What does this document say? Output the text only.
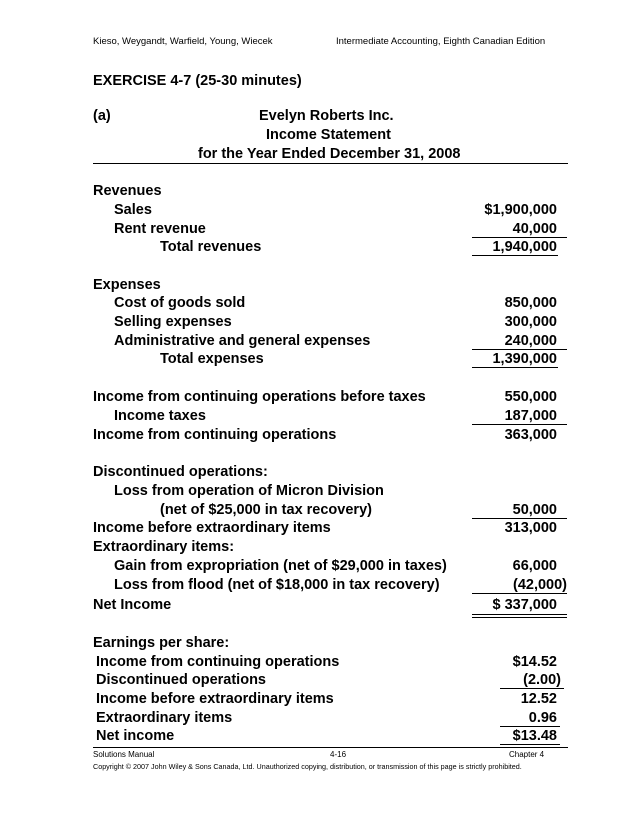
Kieso, Weygandt, Warfield, Young, Wiecek	Intermediate Accounting, Eighth Canadian Edition
EXERCISE 4-7 (25-30 minutes)
(a)	Evelyn Roberts Inc.
Income Statement
for the Year Ended December 31, 2008
Revenues
Sales	$1,900,000
Rent revenue	40,000
Total revenues	1,940,000
Expenses
Cost of goods sold	850,000
Selling expenses	300,000
Administrative and general expenses	240,000
Total expenses	1,390,000
Income from continuing operations before taxes	550,000
Income taxes	187,000
Income from continuing operations	363,000
Discontinued operations:
Loss from operation of Micron Division
(net of $25,000 in tax recovery)	50,000
Income before extraordinary items	313,000
Extraordinary items:
Gain from expropriation (net of $29,000 in taxes)	66,000
Loss from flood (net of $18,000 in tax recovery)	(42,000)
Net Income	$ 337,000
Earnings per share:
Income from continuing operations	$14.52
Discontinued operations	(2.00)
Income before extraordinary items	12.52
Extraordinary items	0.96
Net income	$13.48
Solutions Manual	4-16	Chapter 4
Copyright © 2007 John Wiley & Sons Canada, Ltd. Unauthorized copying, distribution, or transmission of this page is strictly prohibited.
